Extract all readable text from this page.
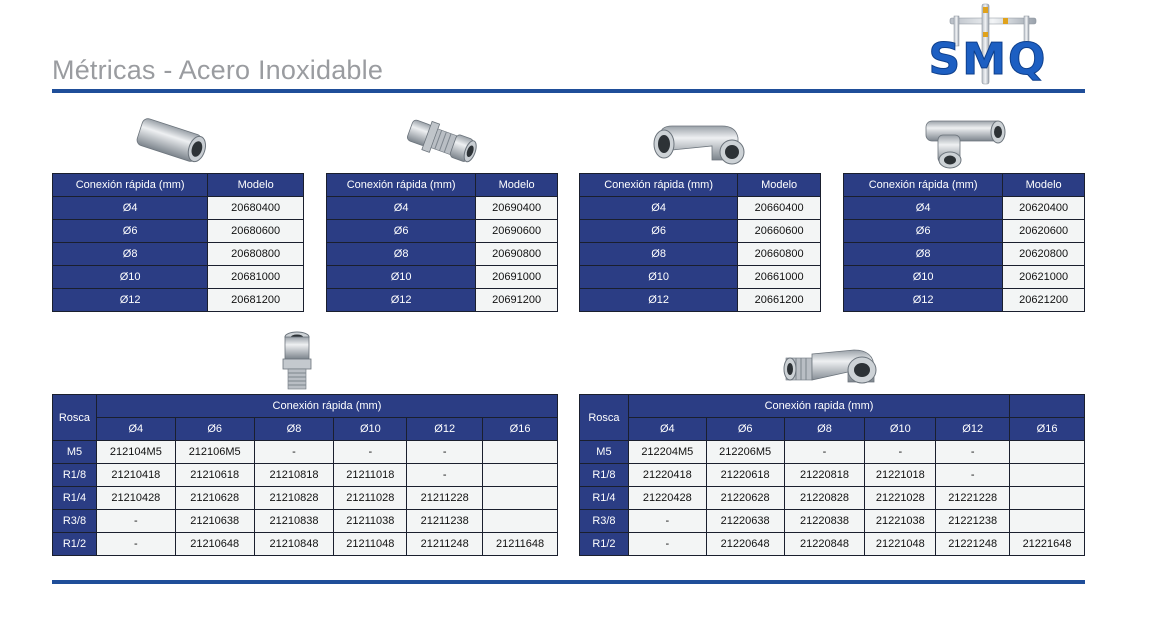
Métricas - Acero Inoxidable	SMQ
Conexión rápida (mm)	Modelo
Ø4	20680400
Ø6	20680600
Ø8	20680800
Ø10	20681000
Ø12	20681200
Conexión rápida (mm)	Modelo
Ø4	20690400
Ø6	20690600
Ø8	20690800
Ø10	20691000
Ø12	20691200
Conexión rápida (mm)	Modelo
Ø4	20660400
Ø6	20660600
Ø8	20660800
Ø10	20661000
Ø12	20661200
Conexión rápida (mm)	Modelo
Ø4	20620400
Ø6	20620600
Ø8	20620800
Ø10	20621000
Ø12	20621200
Rosca	Conexión rápida (mm)					
	Ø4	Ø6	Ø8	Ø10	Ø12	Ø16
M5	212104M5	212106M5	-	-	-	
R1/8	21210418	21210618	21210818	21211018	-	
R1/4	21210428	21210628	21210828	21211028	21211228	
R3/8	-	21210638	21210838	21211038	21211238	
R1/2	-	21210648	21210848	21211048	21211248	21211648
Rosca	Conexión rapida (mm)					
	Ø4	Ø6	Ø8	Ø10	Ø12	Ø16
M5	212204M5	212206M5	-	-	-	
R1/8	21220418	21220618	21220818	21221018	-	
R1/4	21220428	21220628	21220828	21221028	21221228	
R3/8	-	21220638	21220838	21221038	21221238	
R1/2	-	21220648	21220848	21221048	21221248	21221648
